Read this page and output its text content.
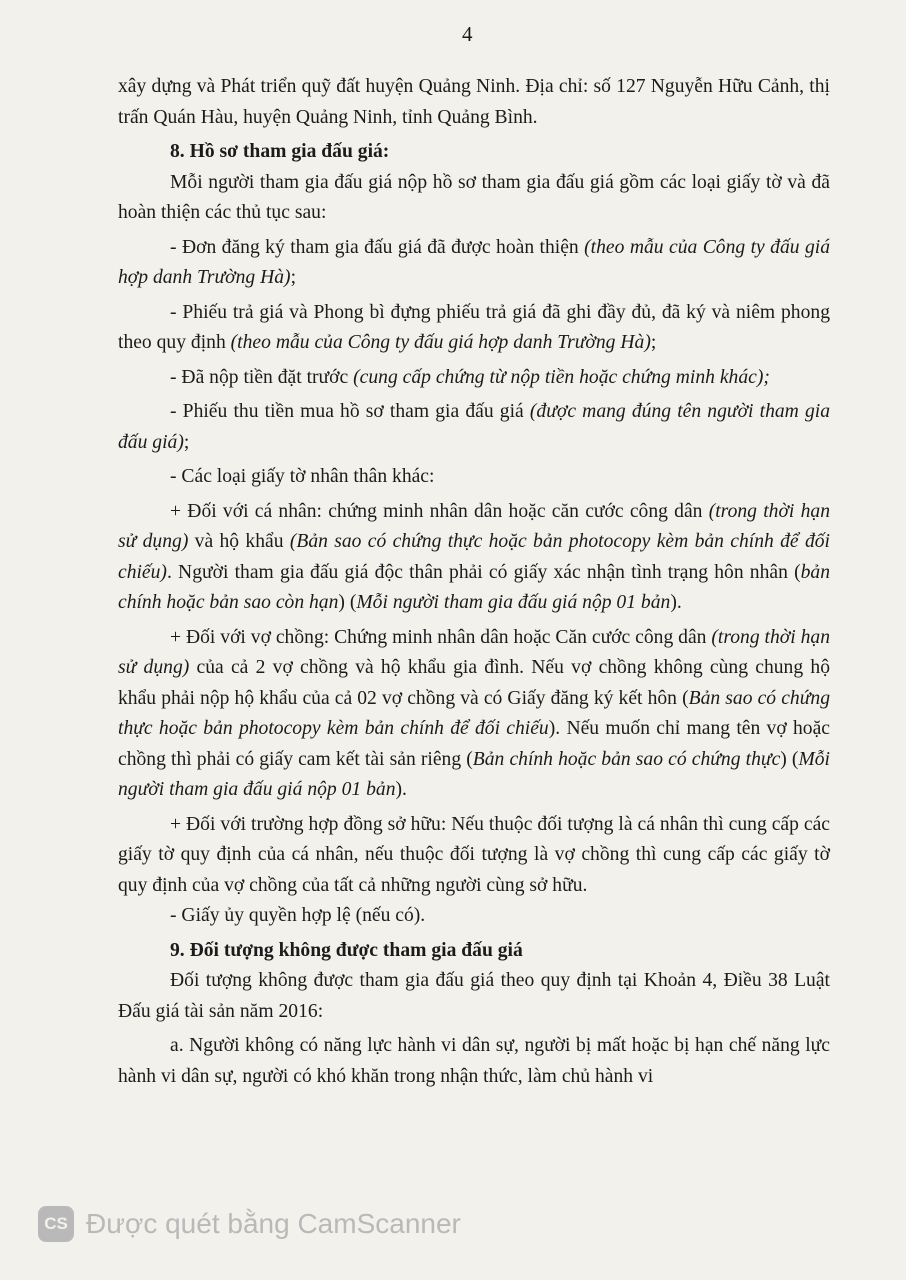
4

xây dựng và Phát triển quỹ đất huyện Quảng Ninh. Địa chỉ: số 127 Nguyễn Hữu Cảnh, thị trấn Quán Hàu, huyện Quảng Ninh, tỉnh Quảng Bình.

8. Hồ sơ tham gia đấu giá:

Mỗi người tham gia đấu giá nộp hồ sơ tham gia đấu giá gồm các loại giấy tờ và đã hoàn thiện các thủ tục sau:

- Đơn đăng ký tham gia đấu giá đã được hoàn thiện (theo mẫu của Công ty đấu giá hợp danh Trường Hà);

- Phiếu trả giá và Phong bì đựng phiếu trả giá đã ghi đầy đủ, đã ký và niêm phong theo quy định (theo mẫu của Công ty đấu giá hợp danh Trường Hà);

- Đã nộp tiền đặt trước (cung cấp chứng từ nộp tiền hoặc chứng minh khác);

- Phiếu thu tiền mua hồ sơ tham gia đấu giá (được mang đúng tên người tham gia đấu giá);

- Các loại giấy tờ nhân thân khác:

+ Đối với cá nhân: chứng minh nhân dân hoặc căn cước công dân (trong thời hạn sử dụng) và hộ khẩu (Bản sao có chứng thực hoặc bản photocopy kèm bản chính để đối chiếu). Người tham gia đấu giá độc thân phải có giấy xác nhận tình trạng hôn nhân (bản chính hoặc bản sao còn hạn) (Mỗi người tham gia đấu giá nộp 01 bản).

+ Đối với vợ chồng: Chứng minh nhân dân hoặc Căn cước công dân (trong thời hạn sử dụng) của cả 2 vợ chồng và hộ khẩu gia đình. Nếu vợ chồng không cùng chung hộ khẩu phải nộp hộ khẩu của cả 02 vợ chồng và có Giấy đăng ký kết hôn (Bản sao có chứng thực hoặc bản photocopy kèm bản chính để đối chiếu). Nếu muốn chỉ mang tên vợ hoặc chồng thì phải có giấy cam kết tài sản riêng (Bản chính hoặc bản sao có chứng thực) (Mỗi người tham gia đấu giá nộp 01 bản).

+ Đối với trường hợp đồng sở hữu: Nếu thuộc đối tượng là cá nhân thì cung cấp các giấy tờ quy định của cá nhân, nếu thuộc đối tượng là vợ chồng thì cung cấp các giấy tờ quy định của vợ chồng của tất cả những người cùng sở hữu.

- Giấy ủy quyền hợp lệ (nếu có).

9. Đối tượng không được tham gia đấu giá

Đối tượng không được tham gia đấu giá theo quy định tại Khoản 4, Điều 38 Luật Đấu giá tài sản năm 2016:

a. Người không có năng lực hành vi dân sự, người bị mất hoặc bị hạn chế năng lực hành vi dân sự, người có khó khăn trong nhận thức, làm chủ hành vi

CS Được quét bằng CamScanner
